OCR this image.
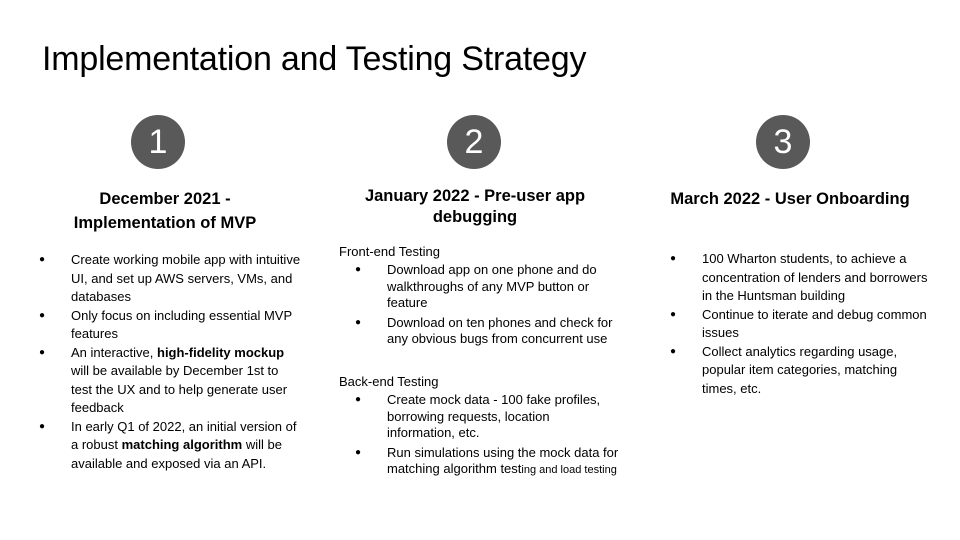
Implementation and Testing Strategy
1
December 2021 -
Implementation of MVP
● Create working mobile app with intuitive UI, and set up AWS servers, VMs, and databases
● Only focus on including essential MVP features
● An interactive, high-fidelity mockup will be available by December 1st to test the UX and to help generate user feedback
● In early Q1 of 2022, an initial version of a robust matching algorithm will be available and exposed via an API.
2
January 2022 - Pre-user app
debugging
Front-end Testing
● Download app on one phone and do walkthroughs of any MVP button or feature
● Download on ten phones and check for any obvious bugs from concurrent use
Back-end Testing
● Create mock data - 100 fake profiles, borrowing requests, location information, etc.
● Run simulations using the mock data for matching algorithm testing and load testing
3
March 2022 - User Onboarding
● 100 Wharton students, to achieve a concentration of lenders and borrowers in the Huntsman building
● Continue to iterate and debug common issues
● Collect analytics regarding usage, popular item categories, matching times, etc.
